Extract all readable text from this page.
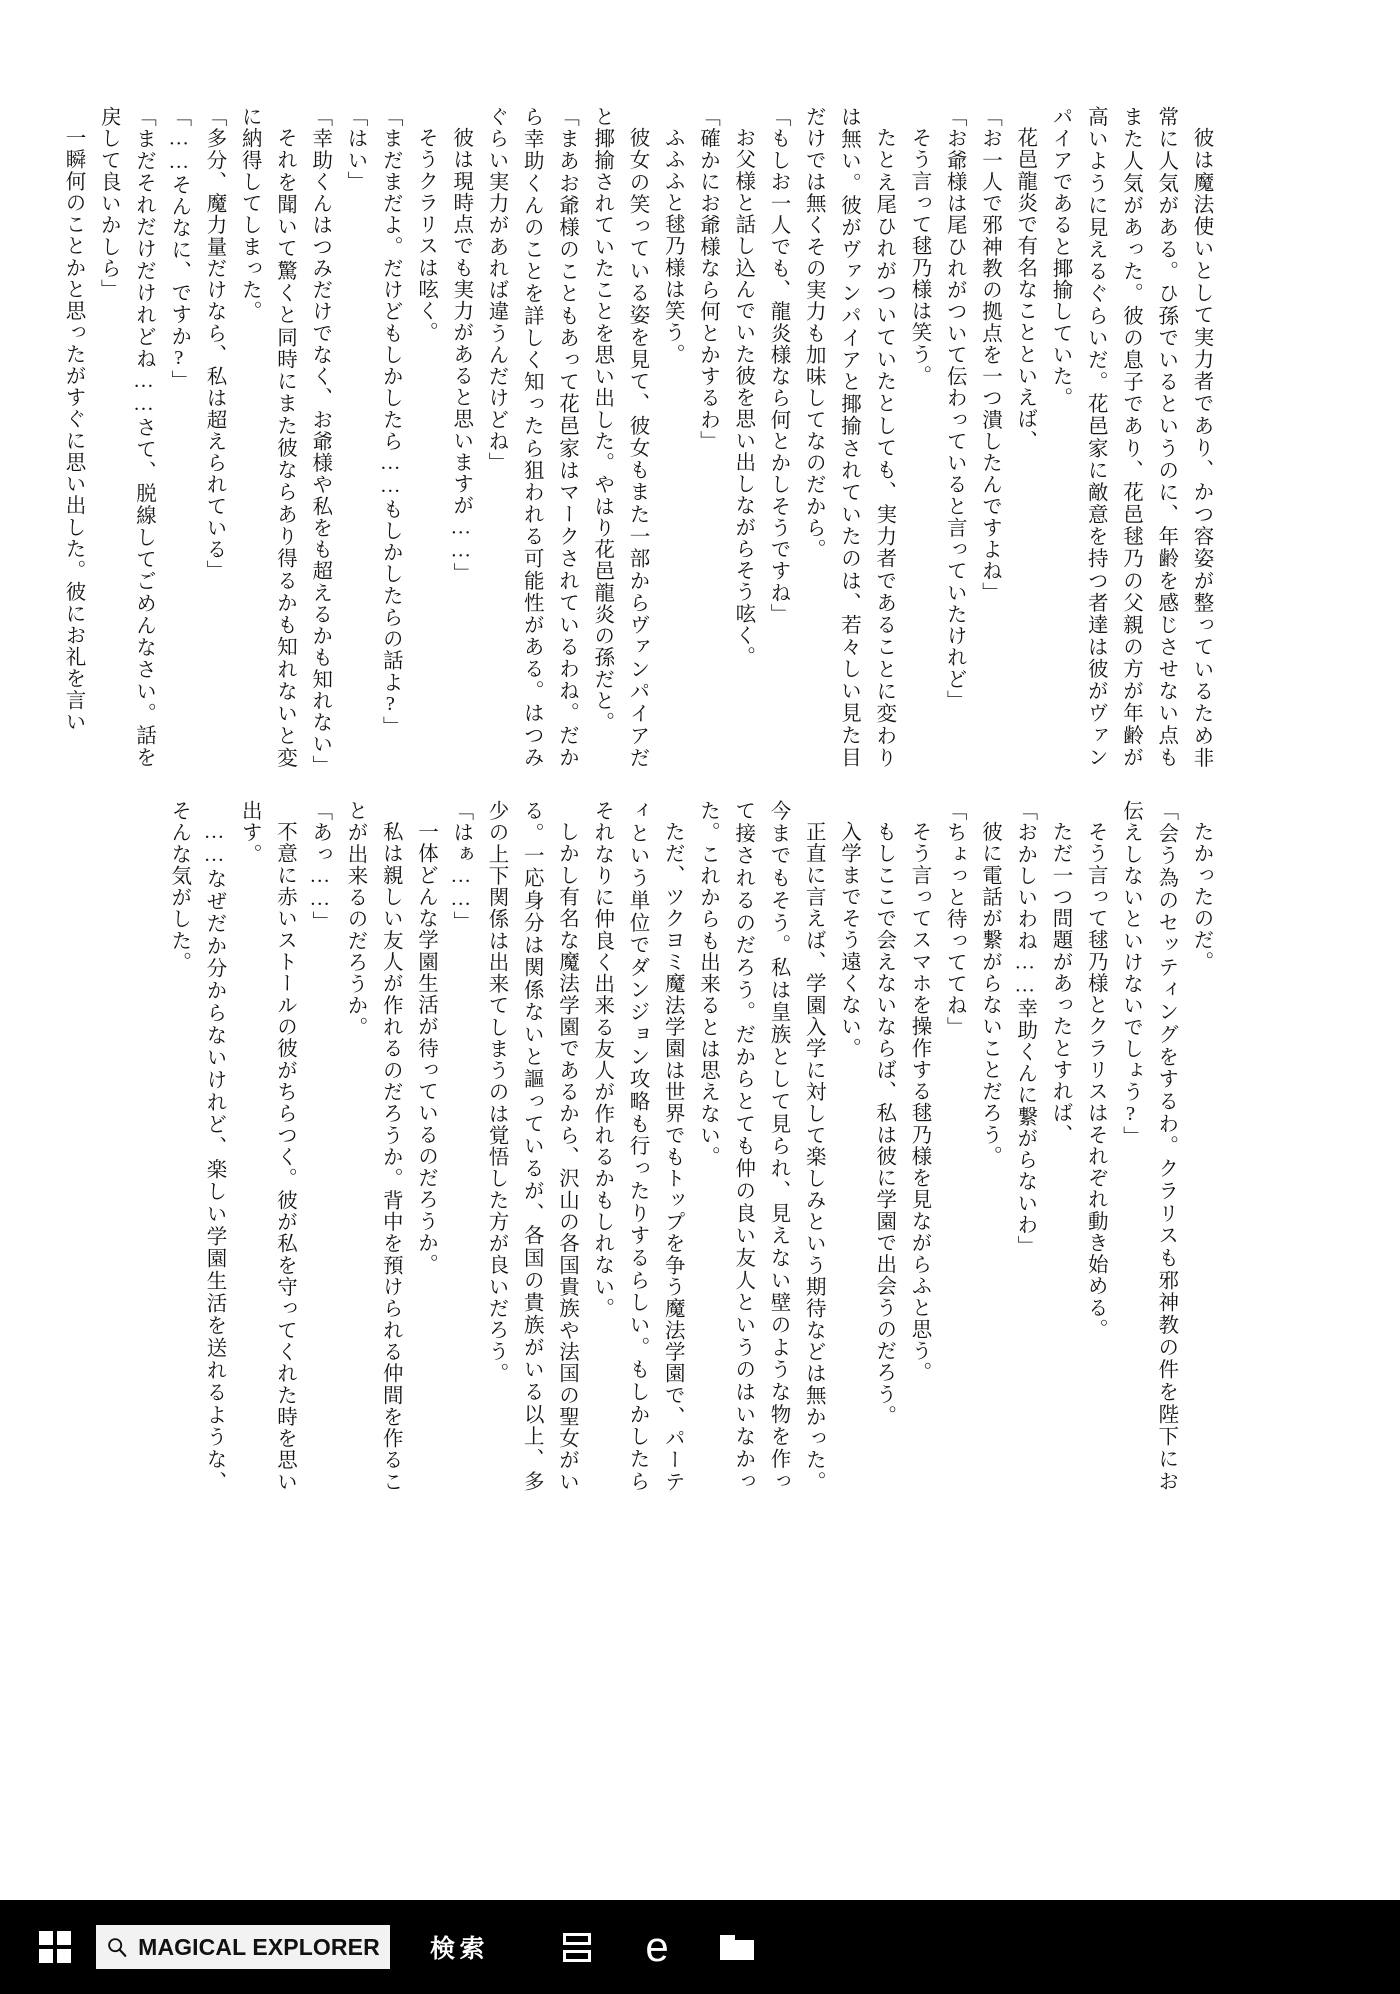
彼は魔法使いとして実力者であり、かつ容姿が整っているため非常に人気がある。ひ孫でいるというのに、年齢を感じさせない点もまた人気があった。彼の息子であり、花邑毬乃の父親の方が年齢が高いように見えるぐらいだ。花邑家に敵意を持つ者達は彼がヴァンパイアであると揶揄していた。

花邑龍炎で有名なことといえば、

「お一人で邪神教の拠点を一つ潰したんですよね」

「お爺様は尾ひれがついて伝わっていると言っていたけれど」

そう言って毬乃様は笑う。

たとえ尾ひれがついていたとしても、実力者であることに変わりは無い。彼がヴァンパイアと揶揄されていたのは、若々しい見た目だけでは無くその実力も加味してなのだから。

「もしお一人でも、龍炎様なら何とかしそうですね」

お父様と話し込んでいた彼を思い出しながらそう呟く。

「確かにお爺様なら何とかするわ」

ふふふと毬乃様は笑う。

彼女の笑っている姿を見て、彼女もまた一部からヴァンパイアだと揶揄されていたことを思い出した。やはり花邑龍炎の孫だと。

「まあお爺様のこともあって花邑家はマークされているわね。だから幸助くんのことを詳しく知ったら狙われる可能性がある。はつみぐらい実力があれば違うんだけどね」

彼は現時点でも実力があると思いますが……」

そうクラリスは呟く。

「まだまだよ。だけどもしかしたら……もしかしたらの話よ?」

「はい」

「幸助くんはつみだけでなく、お爺様や私をも超えるかも知れない」

それを聞いて驚くと同時にまた彼ならあり得るかも知れないと変に納得してしまった。

「多分、魔力量だけなら、私は超えられている」

「……そんなに、ですか?」

「まだそれだけだけれどね……さて、脱線してごめんなさい。話を戻して良いかしら」

一瞬何のことかと思ったがすぐに思い出した。彼にお礼を言い

たかったのだ。

「会う為のセッティングをするわ。クラリスも邪神教の件を陛下にお伝えしないといけないでしょう?」

そう言って毬乃様とクラリスはそれぞれ動き始める。

ただ一つ問題があったとすれば、

「おかしいわね……幸助くんに繋がらないわ」

彼に電話が繋がらないことだろう。

「ちょっと待っててね」

そう言ってスマホを操作する毬乃様を見ながらふと思う。

もしここで会えないならば、私は彼に学園で出会うのだろう。

入学までそう遠くない。

正直に言えば、学園入学に対して楽しみという期待などは無かった。今までもそう。私は皇族として見られ、見えない壁のような物を作って接されるのだろう。だからとても仲の良い友人というのはいなかった。これからも出来るとは思えない。

ただ、ツクヨミ魔法学園は世界でもトップを争う魔法学園で、パーティという単位でダンジョン攻略も行ったりするらしい。もしかしたらそれなりに仲良く出来る友人が作れるかもしれない。

しかし有名な魔法学園であるから、沢山の各国貴族や法国の聖女がいる。一応身分は関係ないと謳っているが、各国の貴族がいる以上、多少の上下関係は出来てしまうのは覚悟した方が良いだろう。

「はぁ……」

一体どんな学園生活が待っているのだろうか。

私は親しい友人が作れるのだろうか。背中を預けられる仲間を作ることが出来るのだろうか。

「あっ……」

不意に赤いストールの彼がちらつく。彼が私を守ってくれた時を思い出す。

……なぜだか分からないけれど、楽しい学園生活を送れるような、そんな気がした。

MAGICAL EXPLORER 検索	e
